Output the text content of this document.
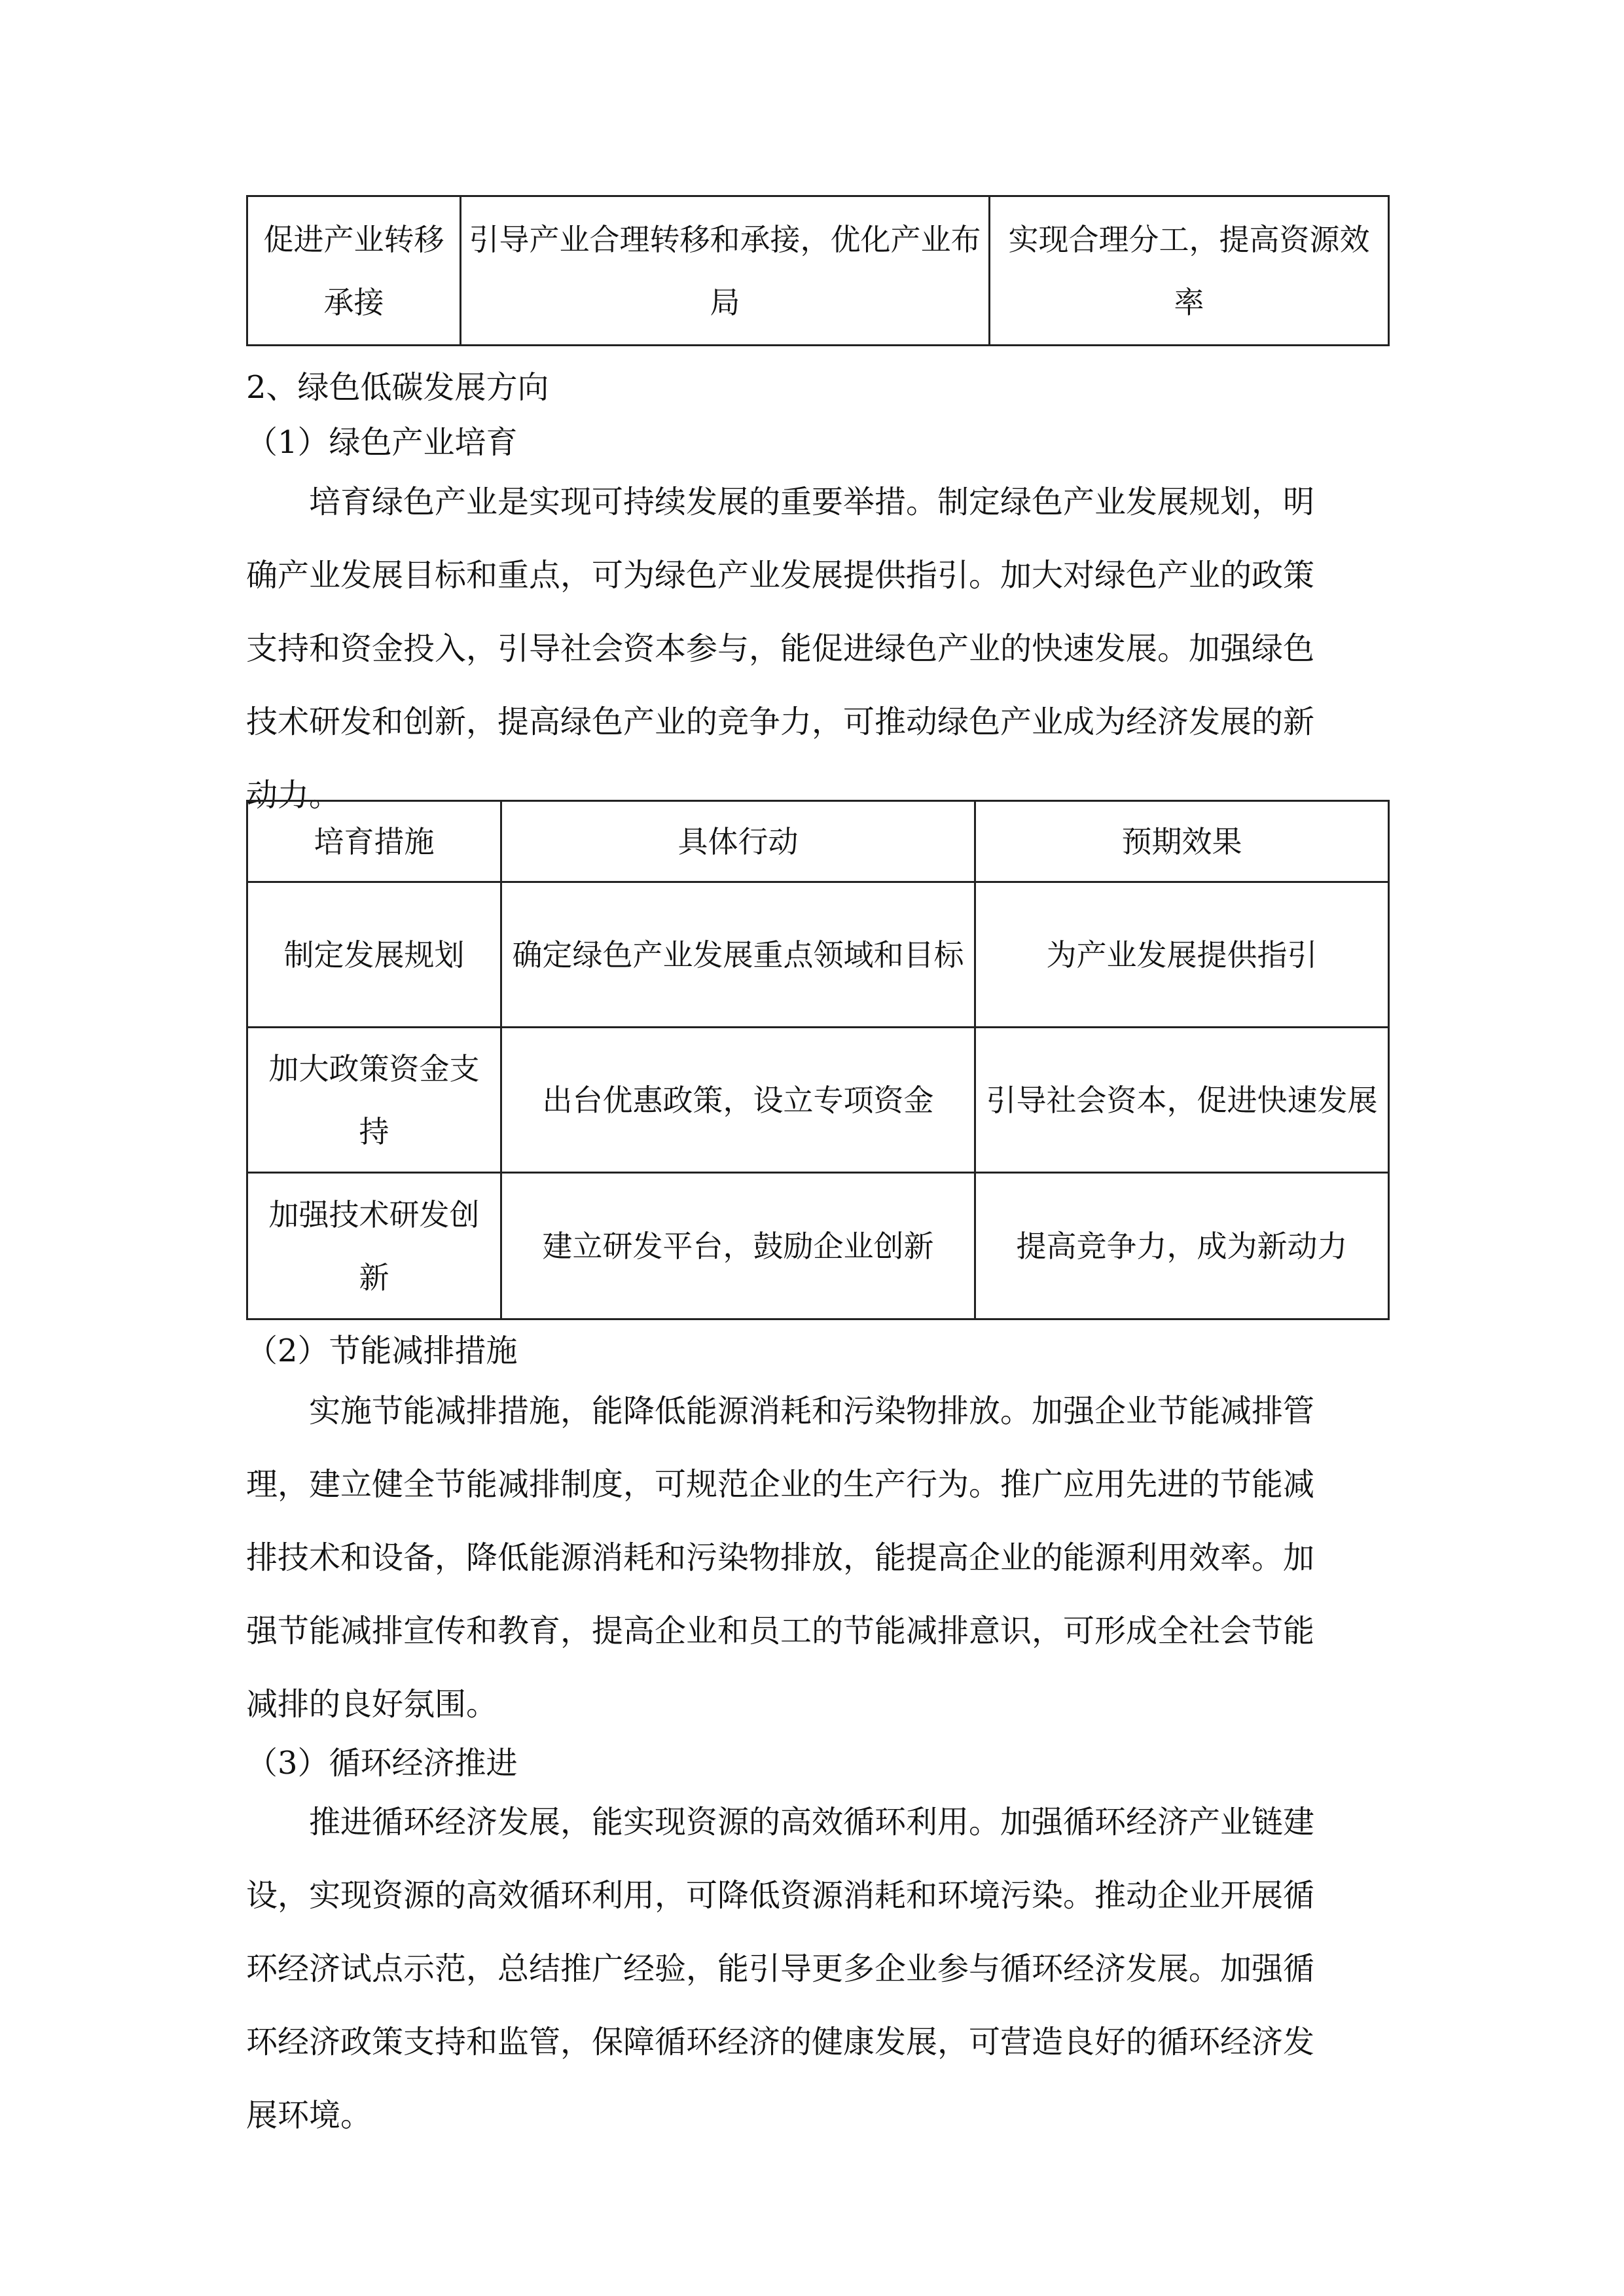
促进产业转移承接	引导产业合理转移和承接，优化产业布局	实现合理分工，提高资源效率
2、绿色低碳发展方向
（1）绿色产业培育
培育绿色产业是实现可持续发展的重要举措。制定绿色产业发展规划，明
确产业发展目标和重点，可为绿色产业发展提供指引。加大对绿色产业的政策
支持和资金投入，引导社会资本参与，能促进绿色产业的快速发展。加强绿色
技术研发和创新，提高绿色产业的竞争力，可推动绿色产业成为经济发展的新
动力。
培育措施	具体行动	预期效果
制定发展规划	确定绿色产业发展重点领域和目标	为产业发展提供指引
加大政策资金支持	出台优惠政策，设立专项资金	引导社会资本，促进快速发展
加强技术研发创新	建立研发平台，鼓励企业创新	提高竞争力，成为新动力
（2）节能减排措施
实施节能减排措施，能降低能源消耗和污染物排放。加强企业节能减排管
理，建立健全节能减排制度，可规范企业的生产行为。推广应用先进的节能减
排技术和设备，降低能源消耗和污染物排放，能提高企业的能源利用效率。加
强节能减排宣传和教育，提高企业和员工的节能减排意识，可形成全社会节能
减排的良好氛围。
（3）循环经济推进
推进循环经济发展，能实现资源的高效循环利用。加强循环经济产业链建
设，实现资源的高效循环利用，可降低资源消耗和环境污染。推动企业开展循
环经济试点示范，总结推广经验，能引导更多企业参与循环经济发展。加强循
环经济政策支持和监管，保障循环经济的健康发展，可营造良好的循环经济发
展环境。
